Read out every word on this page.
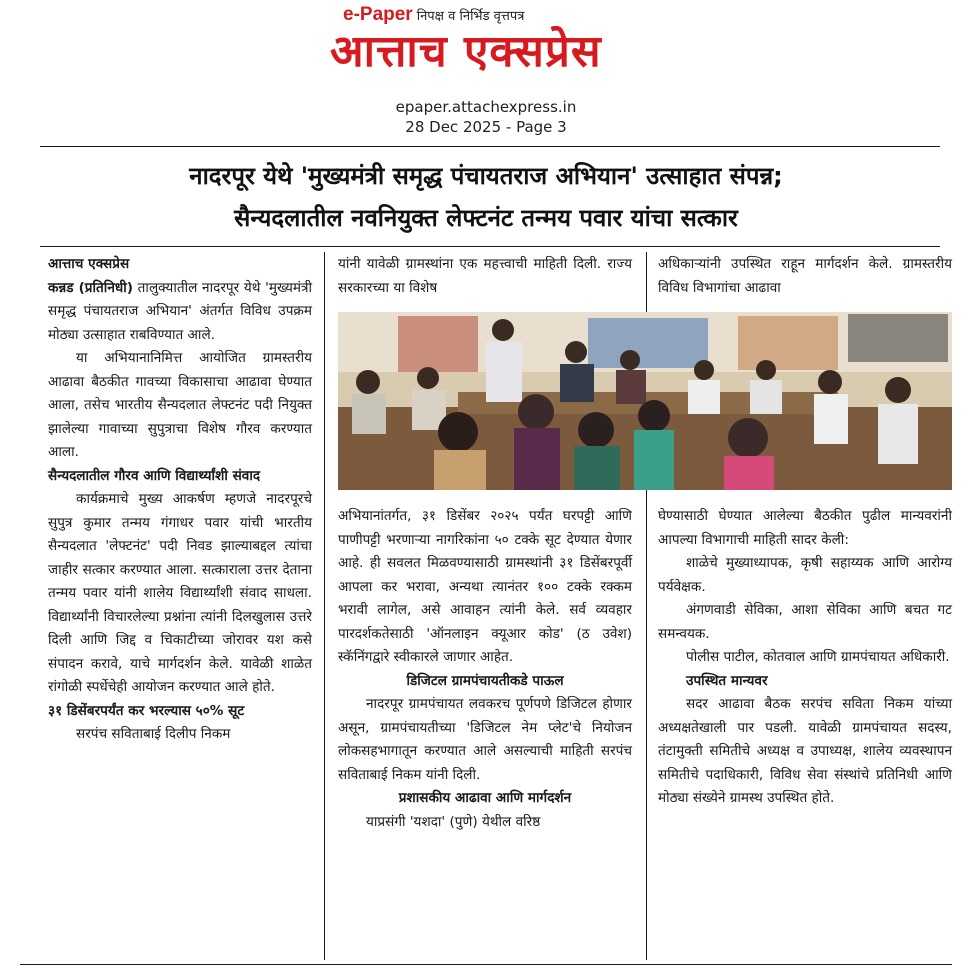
e-Paper निपक्ष व निर्भिड वृत्तपत्र
आत्ताच एक्सप्रेस
epaper.attachexpress.in
28 Dec 2025 - Page 3
नादरपूर येथे 'मुख्यमंत्री समृद्ध पंचायतराज अभियान' उत्साहात संपन्न;
सैन्यदलातील नवनियुक्त लेफ्टनंट तन्मय पवार यांचा सत्कार

आत्ताच एक्सप्रेस

कन्नड (प्रतिनिधी) तालुक्यातील नादरपूर येथे 'मुख्यमंत्री समृद्ध पंचायतराज अभियान' अंतर्गत विविध उपक्रम मोठ्या उत्साहात राबविण्यात आले.

या अभियानानिमित्त आयोजित ग्रामस्तरीय आढावा बैठकीत गावच्या विकासाचा आढावा घेण्यात आला, तसेच भारतीय सैन्यदलात लेफ्टनंट पदी नियुक्त झालेल्या गावाच्या सुपुत्राचा विशेष गौरव करण्यात आला.

सैन्यदलातील गौरव आणि विद्यार्थ्यांशी संवाद

कार्यक्रमाचे मुख्य आकर्षण म्हणजे नादरपूरचे सुपुत्र कुमार तन्मय गंगाधर पवार यांची भारतीय सैन्यदलात 'लेफ्टनंट' पदी निवड झाल्याबद्दल त्यांचा जाहीर सत्कार करण्यात आला. सत्काराला उत्तर देताना तन्मय पवार यांनी शालेय विद्यार्थ्यांशी संवाद साधला. विद्यार्थ्यांनी विचारलेल्या प्रश्नांना त्यांनी दिलखुलास उत्तरे दिली आणि जिद्द व चिकाटीच्या जोरावर यश कसे संपादन करावे, याचे मार्गदर्शन केले. यावेळी शाळेत रांगोळी स्पर्धेचेही आयोजन करण्यात आले होते.

३१ डिसेंबरपर्यंत कर भरल्यास ५०% सूट

सरपंच सविताबाई दिलीप निकम

यांनी यावेळी ग्रामस्थांना एक महत्त्वाची माहिती दिली. राज्य सरकारच्या या विशेष

अधिकाऱ्यांनी उपस्थित राहून मार्गदर्शन केले. ग्रामस्तरीय विविध विभागांचा आढावा

अभियानांतर्गत, ३१ डिसेंबर २०२५ पर्यंत घरपट्टी आणि पाणीपट्टी भरणाऱ्या नागरिकांना ५० टक्के सूट देण्यात येणार आहे. ही सवलत मिळवण्यासाठी ग्रामस्थांनी ३१ डिसेंबरपूर्वी आपला कर भरावा, अन्यथा त्यानंतर १०० टक्के रक्कम भरावी लागेल, असे आवाहन त्यांनी केले. सर्व व्यवहार पारदर्शकतेसाठी 'ऑनलाइन क्यूआर कोड' (ठ उवेश) स्कॅनिंगद्वारे स्वीकारले जाणार आहेत.

डिजिटल ग्रामपंचायतीकडे पाऊल

नादरपूर ग्रामपंचायत लवकरच पूर्णपणे डिजिटल होणार असून, ग्रामपंचायतीच्या 'डिजिटल नेम प्लेट'चे नियोजन लोकसहभागातून करण्यात आले असल्याची माहिती सरपंच सविताबाई निकम यांनी दिली.

प्रशासकीय आढावा आणि मार्गदर्शन

याप्रसंगी 'यशदा' (पुणे) येथील वरिष्ठ

घेण्यासाठी घेण्यात आलेल्या बैठकीत पुढील मान्यवरांनी आपल्या विभागाची माहिती सादर केली:

शाळेचे मुख्याध्यापक, कृषी सहाय्यक आणि आरोग्य पर्यवेक्षक.

अंगणवाडी सेविका, आशा सेविका आणि बचत गट समन्वयक.

पोलीस पाटील, कोतवाल आणि ग्रामपंचायत अधिकारी.

उपस्थित मान्यवर

सदर आढावा बैठक सरपंच सविता निकम यांच्या अध्यक्षतेखाली पार पडली. यावेळी ग्रामपंचायत सदस्य, तंटामुक्ती समितीचे अध्यक्ष व उपाध्यक्ष, शालेय व्यवस्थापन समितीचे पदाधिकारी, विविध सेवा संस्थांचे प्रतिनिधी आणि मोठ्या संख्येने ग्रामस्थ उपस्थित होते.
